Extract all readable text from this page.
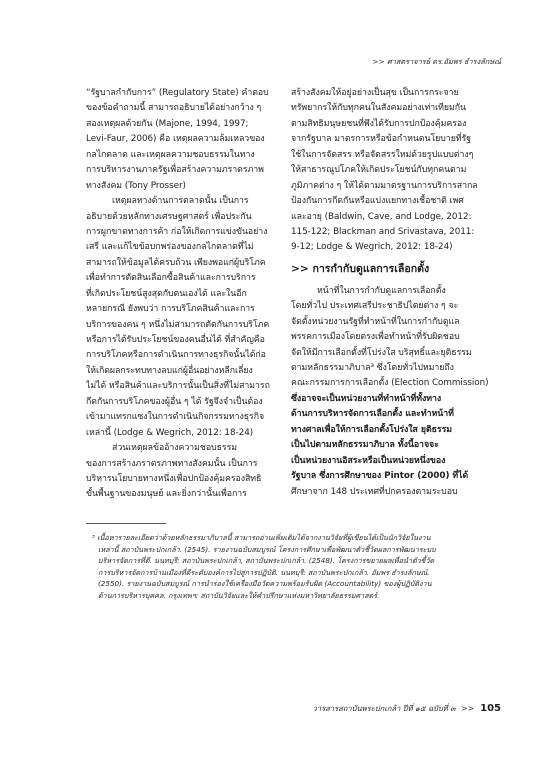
>> ศาสตราจารย์ ดร.อัมพร ธำรงลักษณ์
“รัฐบาลกำกับการ” (Regulatory State) คำตอบ
ของข้อคำถามนี้ สามารถอธิบายได้อย่างกว้าง ๆ
สองเหตุผลด้วยกัน (Majone, 1994, 1997;
Levi-Faur, 2006) คือ เหตุผลความล้มเหลวของ
กลไกตลาด และเหตุผลความชอบธรรมในทาง
การบริหารงานภาครัฐเพื่อสร้างความภราดรภาพ
ทางสังคม (Tony Prosser)
เหตุผลทางด้านการตลาดนั้น เป็นการ
อธิบายด้วยหลักทางเศรษฐศาสตร์ เพื่อประกัน
การผูกขาดทางการค้า ก่อให้เกิดการแข่งขันอย่าง
เสรี และแก้ไขข้อบกพร่องของกลไกตลาดที่ไม่
สามารถให้ข้อมูลได้ครบถ้วน เพียงพอแก่ผู้บริโภค
เพื่อทำการตัดสินเลือกซื้อสินค้าและการบริการ
ที่เกิดประโยชน์สูงสุดกับตนเองได้ และในอีก
หลายกรณี ยังพบว่า การบริโภคสินค้าและการ
บริการของคน ๆ หนึ่งไม่สามารถตัดกันการบริโภค
หรือการได้รับประโยชน์ของคนอื่นได้ ที่สำคัญคือ
การบริโภคหรือการดำเนินการทางธุรกิจนั้นได้ก่อ
ให้เกิดผลกระทบทางลบแก่ผู้อื่นอย่างหลีกเลี่ยง
ไม่ได้ หรือสินค้าและบริการนั้นเป็นสิ่งที่ไม่สามารถ
กีดกันการบริโภคของผู้อื่น ๆ ได้ รัฐจึงจำเป็นต้อง
เข้ามาแทรกแซงในการดำเนินกิจกรรมทางธุรกิจ
เหล่านี้ (Lodge & Wegrich, 2012: 18-24)
ส่วนเหตุผลข้ออ้างความชอบธรรม
ของการสร้างภราดรภาพทางสังคมนั้น เป็นการ
บริหารนโยบายทางหนึ่งเพื่อปกป้องคุ้มครองสิทธิ
ขั้นพื้นฐานของมนุษย์ และยิ่งกว่านั้นเพื่อการ
สร้างสังคมให้อยู่อย่างเป็นสุข เป็นการกระจาย
ทรัพยากรให้กับทุกคนในสังคมอย่างเท่าเทียมกัน
ตามสิทธิมนุษยชนที่พึงได้รับการปกป้องคุ้มครอง
จากรัฐบาล มาตรการหรือข้อกำหนดนโยบายที่รัฐ
ใช้ในการจัดสรร หรือจัดสรรใหม่ด้วยรูปแบบต่างๆ
ให้สาธารณูปโภคให้เกิดประโยชน์กับทุกคนตาม
ภูมิภาคต่าง ๆ ให้ได้ตามมาตรฐานการบริการสากล
ป้องกันการกีดกันหรือแบ่งแยกทางเชื้อชาติ เพศ
และอายุ (Baldwin, Cave, and Lodge, 2012:
115-122; Blackman and Srivastava, 2011:
9-12; Lodge & Wegrich, 2012: 18-24)
>> การกำกับดูแลการเลือกตั้ง
หน้าที่ในการกำกับดูแลการเลือกตั้ง
โดยทั่วไป ประเทศเสรีประชาธิปไตยต่าง ๆ จะ
จัดตั้งหน่วยงานรัฐที่ทำหน้าที่ในการกำกับดูแล
พรรคการเมืองโดยตรงเพื่อทำหน้าที่รับผิดชอบ
จัดให้มีการเลือกตั้งที่โปร่งใส บริสุทธิ์และยุติธรรม
ตามหลักธรรมาภิบาล³ ซึ่งโดยทั่วไปหมายถึง
คณะกรรมการการเลือกตั้ง (Election Commission)
ซึ่งอาจจะเป็นหน่วยงานที่ทำหน้าที่ทั้งทาง
ด้านการบริหารจัดการเลือกตั้ง และทำหน้าที่
ทางศาลเพื่อให้การเลือกตั้งโปร่งใส ยุติธรรม
เป็นไปตามหลักธรรมาภิบาล ทั้งนี้อาจจะ
เป็นหน่วยงานอิสระหรือเป็นหน่วยหนึ่งของ
รัฐบาล ซึ่งการศึกษาของ Pintor (2000) ที่ได้
ศึกษาจาก 148 ประเทศที่ปกครองตามระบอบ
³ เนื้อหารายละเอียดว่าด้วยหลักธรรมาภิบาลนี้ สามารถอ่านเพิ่มเติมได้จากงานวิจัยที่ผู้เขียนได้เป็นนักวิจัยในงาน
เหล่านี้ สถาบันพระปกเกล้า. (2545). รายงานฉบับสมบูรณ์ โครงการศึกษาเพื่อพัฒนาตัวชี้วัดผลการพัฒนาระบบ
บริหารจัดการที่ดี. นนทบุรี: สถาบันพระปกเกล้า, สถาบันพระปกเกล้า. (2548). โครงการขยายผลเพื่อนำตัวชี้วัด
การบริหารจัดการบ้านเมืองที่ดีระดับองค์การไปสู่การปฏิบัติ. นนทบุรี: สถาบันพระปกเกล้า. อัมพร ธำรงลักษณ์.
(2550). รายงานฉบับสมบูรณ์ การนำร่องใช้เครื่องมือวัดความพร้อมรับผิด (Accountability) ของผู้ปฏิบัติงาน
ด้านการบริหารบุคคล. กรุงเทพฯ: สถาบันวิจัยและให้คำปรึกษาแห่งมหาวิทยาลัยธรรมศาสตร์.
วารสารสถาบันพระปกเกล้า ปีที่ ๑๕ ฉบับที่ ๓ >> 105
